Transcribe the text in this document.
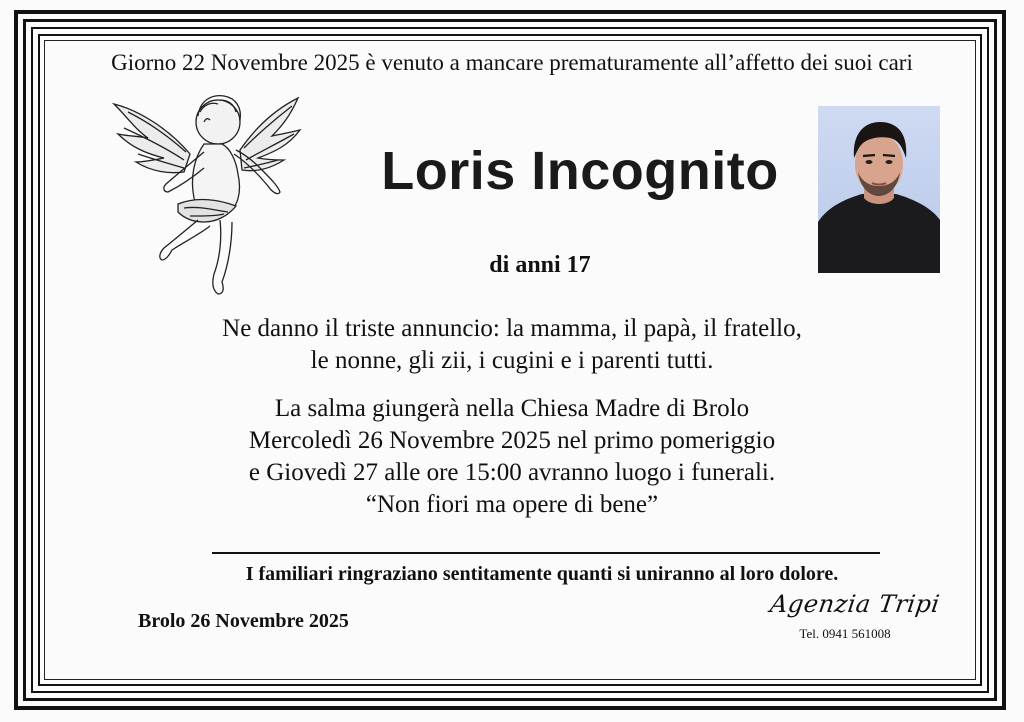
Giorno 22 Novembre 2025 è venuto a mancare prematuramente all’affetto dei suoi cari
Loris Incognito
di anni 17
Ne danno il triste annuncio: la mamma, il papà, il fratello,
le nonne, gli zii, i cugini e i parenti tutti.
La salma giungerà nella Chiesa Madre di Brolo
Mercoledì 26 Novembre 2025 nel primo pomeriggio
e Giovedì 27 alle ore 15:00 avranno luogo i funerali.
“Non fiori ma opere di bene”
I familiari ringraziano sentitamente quanti si uniranno al loro dolore.
Brolo 26 Novembre 2025
Agenzia Tripi
Tel. 0941 561008
